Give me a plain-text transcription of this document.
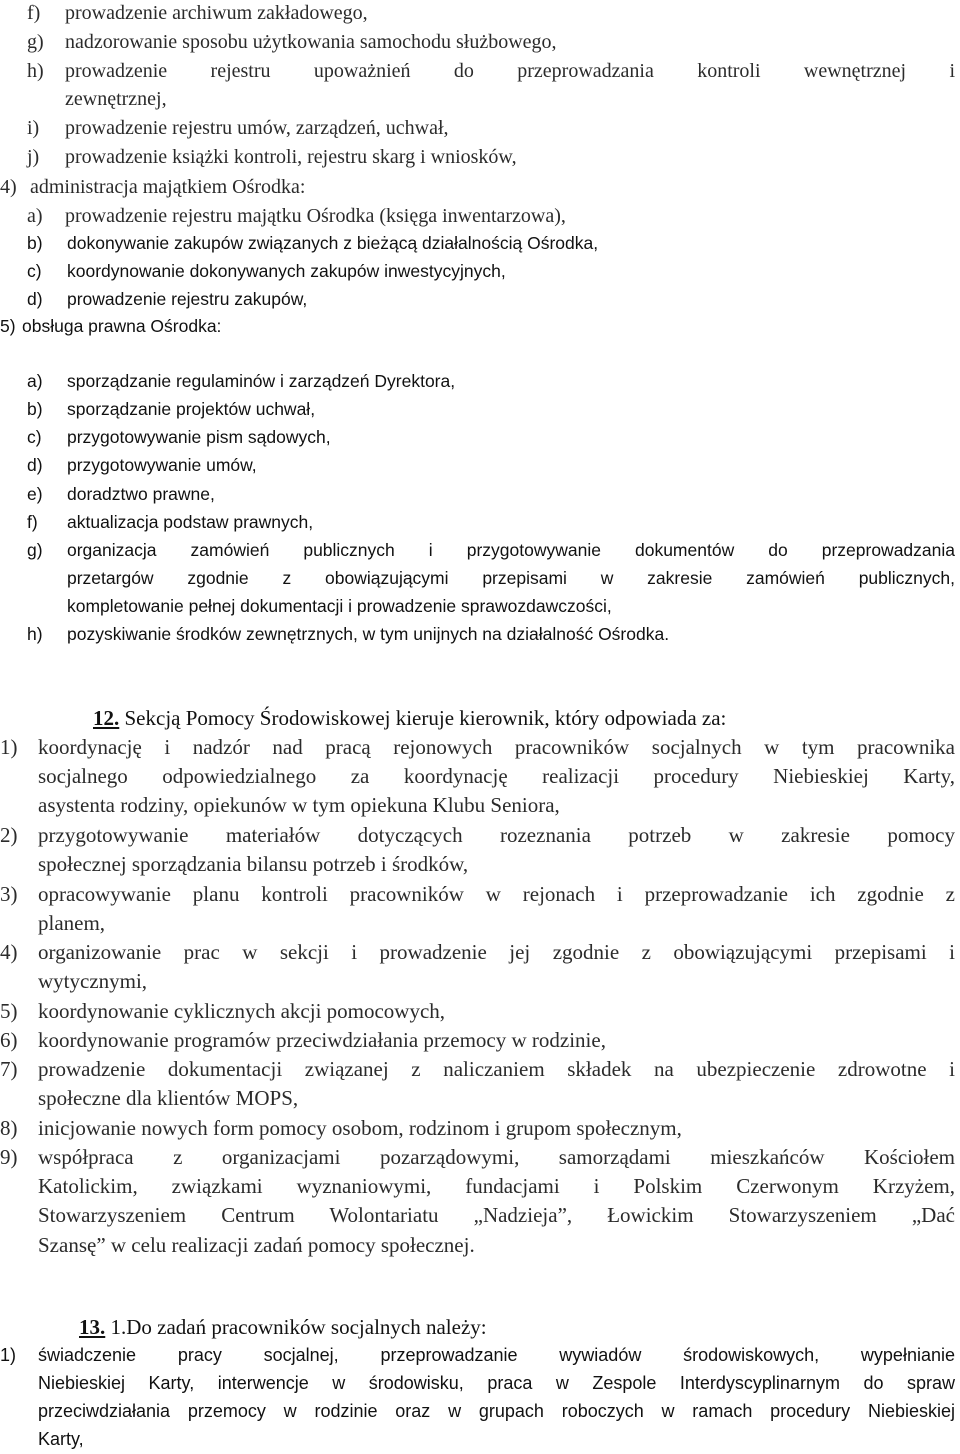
f) prowadzenie archiwum zakładowego,
g) nadzorowanie sposobu użytkowania samochodu służbowego,
h) prowadzenie rejestru upoważnień do przeprowadzania kontroli wewnętrznej i
zewnętrznej,
i) prowadzenie rejestru umów, zarządzeń, uchwał,
j) prowadzenie książki kontroli, rejestru skarg i wniosków,
4) administracja majątkiem Ośrodka:
a) prowadzenie rejestru majątku Ośrodka (księga inwentarzowa),
b) dokonywanie zakupów związanych z bieżącą działalnością Ośrodka,
c) koordynowanie dokonywanych zakupów inwestycyjnych,
d) prowadzenie rejestru zakupów,
5) obsługa prawna Ośrodka:
a) sporządzanie regulaminów i zarządzeń Dyrektora,
b) sporządzanie projektów uchwał,
c) przygotowywanie pism sądowych,
d) przygotowywanie umów,
e) doradztwo prawne,
f) aktualizacja podstaw prawnych,
g) organizacja zamówień publicznych i przygotowywanie dokumentów do przeprowadzania
przetargów zgodnie z obowiązującymi przepisami w zakresie zamówień publicznych,
kompletowanie pełnej dokumentacji i prowadzenie sprawozdawczości,
h) pozyskiwanie środków zewnętrznych, w tym unijnych na działalność Ośrodka.
12. Sekcją Pomocy Środowiskowej kieruje kierownik, który odpowiada za:
1) koordynację i nadzór nad pracą rejonowych pracowników socjalnych w tym pracownika
socjalnego odpowiedzialnego za koordynację realizacji procedury Niebieskiej Karty,
asystenta rodziny, opiekunów w tym opiekuna Klubu Seniora,
2) przygotowywanie materiałów dotyczących rozeznania potrzeb w zakresie pomocy
społecznej sporządzania bilansu potrzeb i środków,
3) opracowywanie planu kontroli pracowników w rejonach i przeprowadzanie ich zgodnie z
planem,
4) organizowanie prac w sekcji i prowadzenie jej zgodnie z obowiązującymi przepisami i
wytycznymi,
5) koordynowanie cyklicznych akcji pomocowych,
6) koordynowanie programów przeciwdziałania przemocy w rodzinie,
7) prowadzenie dokumentacji związanej z naliczaniem składek na ubezpieczenie zdrowotne i
społeczne dla klientów MOPS,
8) inicjowanie nowych form pomocy osobom, rodzinom i grupom społecznym,
9) współpraca z organizacjami pozarządowymi, samorządami mieszkańców Kościołem
Katolickim, związkami wyznaniowymi, fundacjami i Polskim Czerwonym Krzyżem,
Stowarzyszeniem Centrum Wolontariatu „Nadzieja”, Łowickim Stowarzyszeniem „Dać
Szansę” w celu realizacji zadań pomocy społecznej.
13. 1.Do zadań pracowników socjalnych należy:
1) świadczenie pracy socjalnej, przeprowadzanie wywiadów środowiskowych, wypełnianie
Niebieskiej Karty, interwencje w środowisku, praca w Zespole Interdyscyplinarnym do spraw
przeciwdziałania przemocy w rodzinie oraz w grupach roboczych w ramach procedury Niebieskiej
Karty,
